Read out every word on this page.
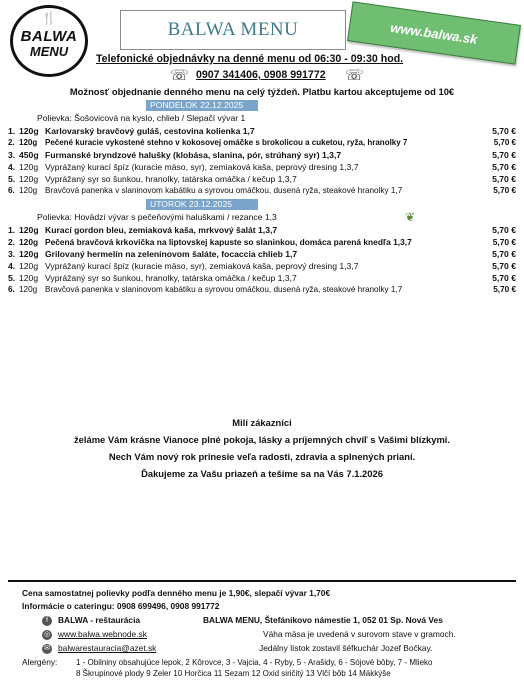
🍴
BALWA
MENU
BALWA MENU	www.balwa.sk
Telefonické objednávky na denné menu od 06:30 - 09:30 hod.
☏ 0907 341406, 0908 991772 ☏
Možnosť objednanie denného menu na celý týždeň. Platbu kartou akceptujeme od 10€
PONDELOK 22.12.2025
Polievka: Šošovicová na kyslo, chlieb / Slepačí vývar 1
1. 120g Karlovarský bravčový guláš, cestovina kolienka 1,7	5,70 €
2. 120g Pečené kuracie vykostené stehno v kokosovej omáčke s brokolicou a cuketou, ryža, hranolky 7	5,70 €
3. 450g Furmanské bryndzové halušky (klobása, slanina, pór, strúhaný syr) 1,3,7	5,70 €
4. 120g Vyprážaný kurací špíz (kuracie mäso, syr), zemiaková kaša, peprový dresing 1,3,7	5,70 €
5. 120g Vyprážaný syr so šunkou, hranolky, tatárska omáčka / kečup 1,3,7	5,70 €
6. 120g Bravčová panenka v slaninovom kabátiku a syrovou omáčkou, dusená ryža, steakové hranolky 1,7	5,70 €
UTOROK 23.12.2025
❦
Polievka: Hovädzí vývar s pečeňovými haluškami / rezance 1,3
1. 120g Kurací gordon bleu, zemiaková kaša, mrkvový šalát 1,3,7	5,70 €
2. 120g Pečená bravčová krkovička na liptovskej kapuste so slaninkou, domáca parená knedľa 1,3,7	5,70 €
3. 120g Grilovaný hermelín na zeleninovom šaláte, focaccia chlieb 1,7	5,70 €
4. 120g Vyprážaný kurací špíz (kuracie mäso, syr), zemiaková kaša, peprový dresing 1,3,7	5,70 €
5. 120g Vyprážaný syr so šunkou, hranolky, tatárska omáčka / kečup 1,3,7	5,70 €
6. 120g Bravčová panenka v slaninovom kabátiku a syrovou omáčkou, dusená ryža, steakové hranolky 1,7	5,70 €
Milí zákazníci
želáme Vám krásne Vianoce plné pokoja, lásky a príjemných chvíľ s Vašimi blízkymi.
Nech Vám nový rok prinesie veľa radosti, zdravia a splnených prianí.
Ďakujeme za Vašu priazeň a tešíme sa na Vás 7.1.2026
Cena samostatnej polievky podľa denného menu je 1,90€, slepačí vývar 1,70€
Informácie o cateringu: 0908 699496, 0908 991772
f	BALWA - reštaurácia	BALWA MENU, Štefánikovo námestie 1, 052 01 Sp. Nová Ves
◎ www.balwa.webnode.sk	Váha mäsa je uvedená v surovom stave v gramoch.
✉ balwarestauracia@azet.sk	Jedálny lístok zostavil šéfkuchár Jozef Bočkay.
Alergény: 1 - Obilniny obsahujúce lepok, 2 Kôrovce, 3 - Vajcia, 4 - Ryby, 5 - Arašidy, 6 - Sójové bôby, 7 - Mlieko
8 Škrupinové plody 9 Zeler 10 Horčica 11 Sezam 12 Oxid siričitý 13 Vlčí bôb 14 Mäkkýše
